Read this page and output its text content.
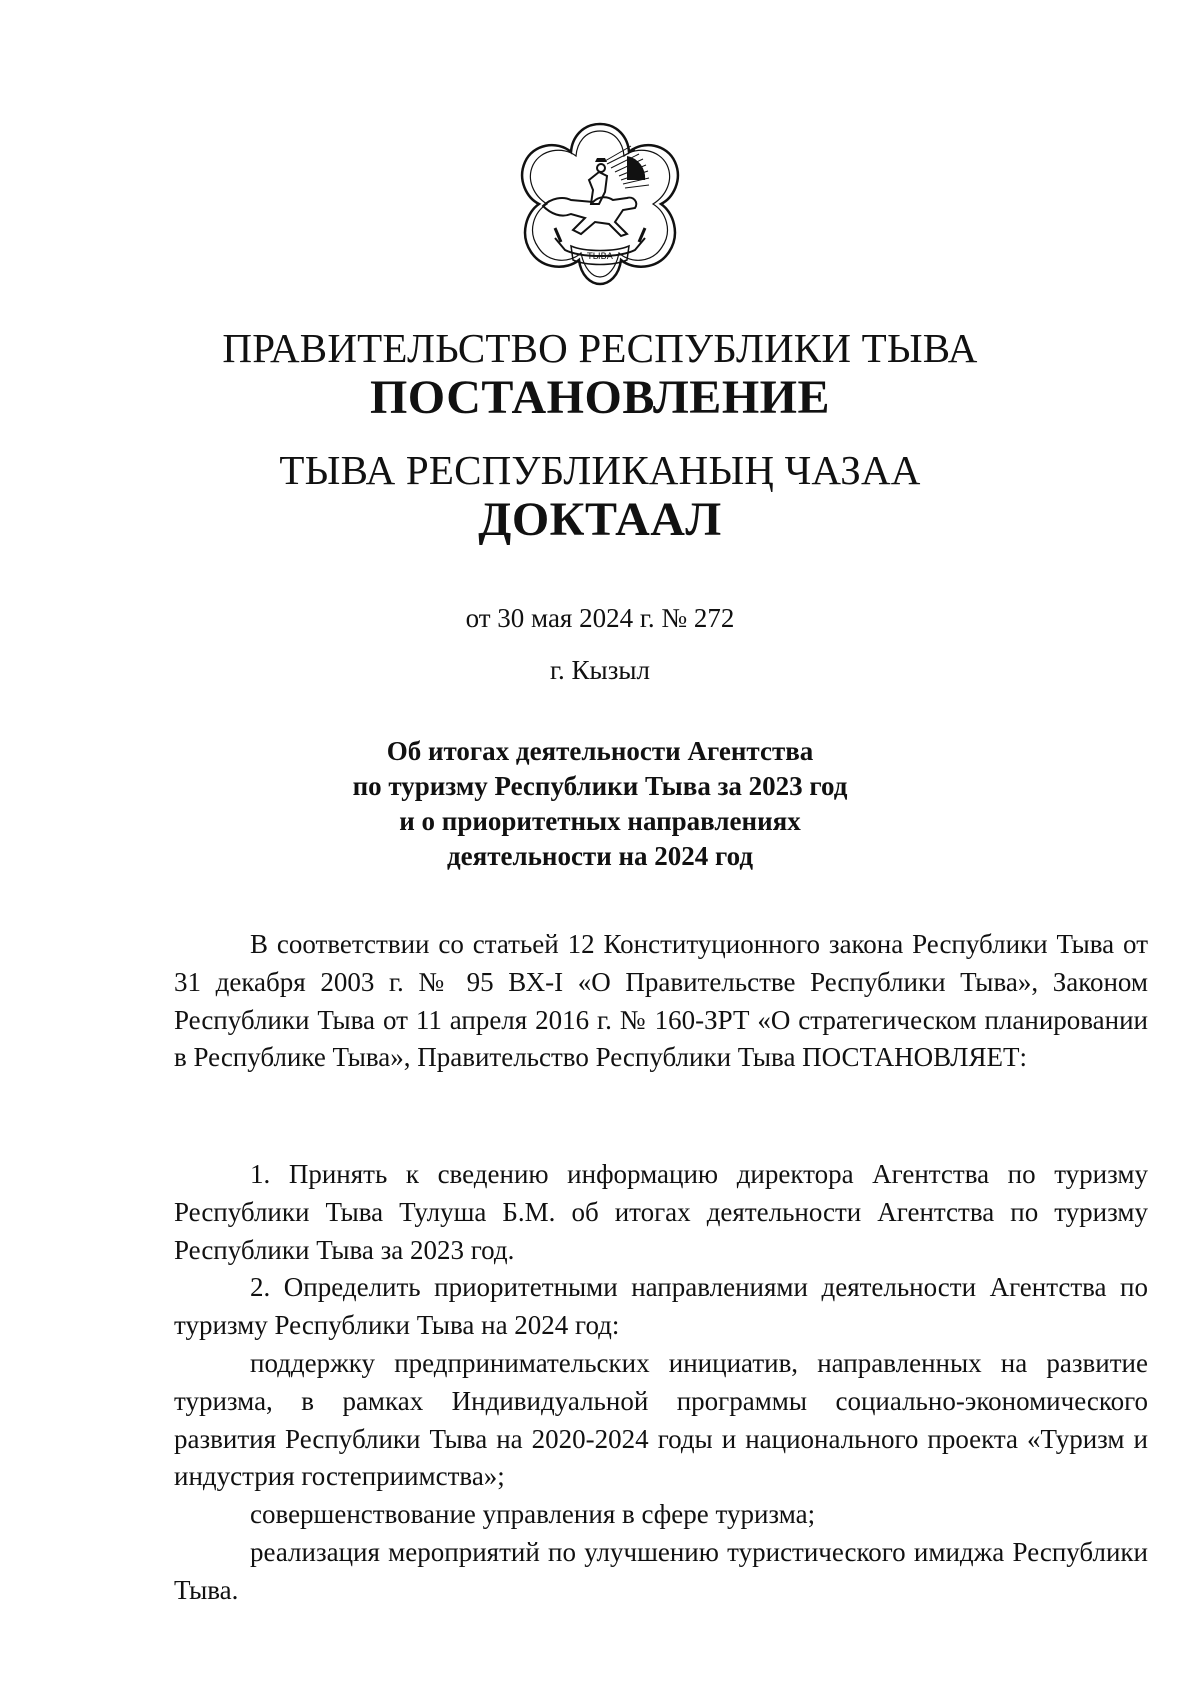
ТЫВА
ПРАВИТЕЛЬСТВО РЕСПУБЛИКИ ТЫВА
ПОСТАНОВЛЕНИЕ
ТЫВА РЕСПУБЛИКАНЫҢ ЧАЗАА
ДОКТААЛ
от 30 мая 2024 г. № 272
г. Кызыл
Об итогах деятельности Агентства
по туризму Республики Тыва за 2023 год
и о приоритетных направлениях
деятельности на 2024 год

В соответствии со статьей 12 Конституционного закона Республики Тыва от 31 декабря 2003 г. № 95 ВХ-I «О Правительстве Республики Тыва», Законом Республики Тыва от 11 апреля 2016 г. № 160-ЗРТ «О стратегическом планировании в Республике Тыва», Правительство Республики Тыва ПОСТАНОВЛЯЕТ:

1. Принять к сведению информацию директора Агентства по туризму Республики Тыва Тулуша Б.М. об итогах деятельности Агентства по туризму Республики Тыва за 2023 год.

2. Определить приоритетными направлениями деятельности Агентства по туризму Республики Тыва на 2024 год:

поддержку предпринимательских инициатив, направленных на развитие туризма, в рамках Индивидуальной программы социально-экономического развития Республики Тыва на 2020-2024 годы и национального проекта «Туризм и индустрия гостеприимства»;

совершенствование управления в сфере туризма;

реализация мероприятий по улучшению туристического имиджа Республики Тыва.
